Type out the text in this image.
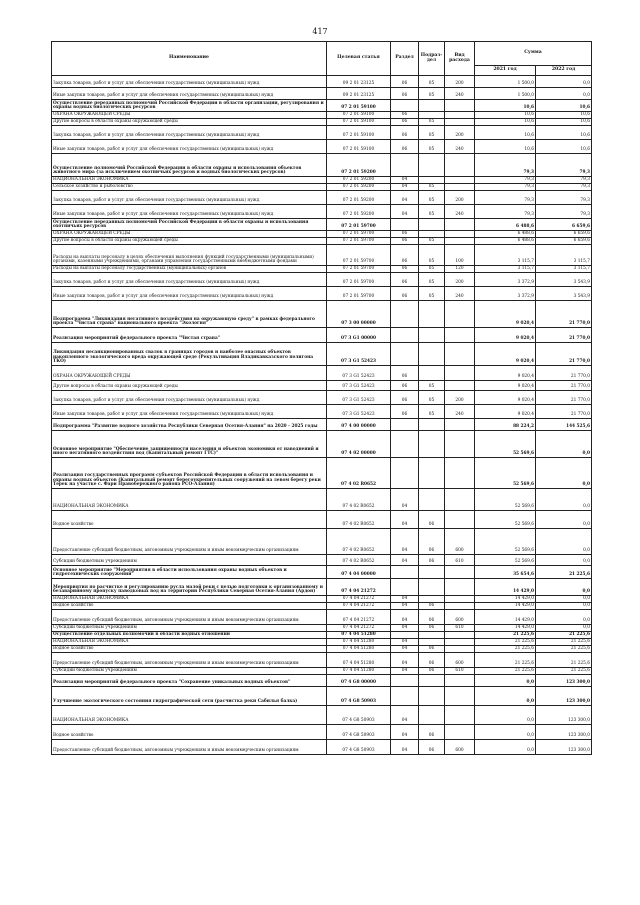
417
Наименование	Целевая статья	Раздел	Подраз-дел	Вид расхода	Сумма	
					2021 год	2022 год
Закупка товаров, работ и услуг для обеспечения государственных (муниципальных) нужд	09 2 01 23125	06	05	200	1 500,0	0,0
Иные закупки товаров, работ и услуг для обеспечения государственных (муниципальных) нужд	09 2 01 23125	06	05	240	1 500,0	0,0
Осуществление переданных полномочий Российской Федерации в области организации, регулирования и охраны водных биологических ресурсов	07 2 01 59100				10,6	10,6
ОХРАНА ОКРУЖАЮЩЕЙ СРЕДЫ	07 2 01 59100	06			10,6	10,6
Другие вопросы в области охраны окружающей среды	07 2 01 59100	06	05		10,6	10,6
Закупка товаров, работ и услуг для обеспечения государственных (муниципальных) нужд	07 2 01 59100	06	05	200	10,6	10,6
Иные закупки товаров, работ и услуг для обеспечения государственных (муниципальных) нужд	07 2 01 59100	06	05	240	10,6	10,6
Осуществление полномочий Российской Федерации в области охраны и использования объектов животного мира (за исключением охотничьих ресурсов и водных биологических ресурсов)	07 2 01 59200				79,3	79,3
НАЦИОНАЛЬНАЯ ЭКОНОМИКА	07 2 01 59200	04			79,3	79,3
Сельское хозяйство и рыболовство	07 2 01 59200	04	05		79,3	79,3
Закупка товаров, работ и услуг для обеспечения государственных (муниципальных) нужд	07 2 01 59200	04	05	200	79,3	79,3
Иные закупки товаров, работ и услуг для обеспечения государственных (муниципальных) нужд	07 2 01 59200	04	05	240	79,3	79,3
Осуществление переданных полномочий Российской Федерации в области охраны и использования охотничьих ресурсов	07 2 01 59700				6 488,6	6 659,6
ОХРАНА ОКРУЖАЮЩЕЙ СРЕДЫ	07 2 01 59700	06			6 488,6	6 659,6
Другие вопросы в области охраны окружающей среды	07 2 01 59700	06	05		6 488,6	6 659,6
Расходы на выплаты персоналу в целях обеспечения выполнения функций государственными (муниципальными) органами, казенными учреждениями, органами управления государственными внебюджетными фондами	07 2 01 59700	06	05	100	3 115,7	3 115,7
Расходы на выплаты персоналу государственных (муниципальных) органов	07 2 01 59700	06	05	120	3 115,7	3 115,7
Закупка товаров, работ и услуг для обеспечения государственных (муниципальных) нужд	07 2 01 59700	06	05	200	3 372,9	3 543,9
Иные закупки товаров, работ и услуг для обеспечения государственных (муниципальных) нужд	07 2 01 59700	06	05	240	3 372,9	3 543,9
Подпрограмма "Ликвидация негативного воздействия на окружающую среду" в рамках федерального проекта "Чистая страна" национального проекта "Экология"	07 3 00 00000				9 020,4	21 770,0
Реализация мероприятий федерального проекта "Чистая страна"	07 3 G1 00000				9 020,4	21 770,0
Ликвидация несанкционированных свалок в границах городов и наиболее опасных объектов накопленного экологического вреда окружающей среде (Рекультивация Владикавказского полигона ТКО)	07 3 G1 52423				9 020,4	21 770,0
ОХРАНА ОКРУЖАЮЩЕЙ СРЕДЫ	07 3 G1 52423	06			9 020,4	21 770,0
Другие вопросы в области охраны окружающей среды	07 3 G1 52423	06	05		9 020,4	21 770,0
Закупка товаров, работ и услуг для обеспечения государственных (муниципальных) нужд	07 3 G1 52423	06	05	200	9 020,4	21 770,0
Иные закупки товаров, работ и услуг для обеспечения государственных (муниципальных) нужд	07 3 G1 52423	06	05	240	9 020,4	21 770,0
Подпрограмма "Развитие водного хозяйства Республики Северная Осетия-Алания" на 2020 - 2025 годы	07 4 00 00000				88 224,2	144 525,6
Основное мероприятие "Обеспечение защищенности населения и объектов экономики от наводнений и иного негативного воздействия вод (Капитальный ремонт ГТС)"	07 4 02 00000				52 569,6	0,0
Реализация государственных программ субъектов Российской Федерации в области использования и охраны водных объектов (Капитальный ремонт берегоукрепительных сооружений на левом берегу реки Терек на участке с. Фари Правобережного района РСО-Алания)	07 4 02 R0652				52 569,6	0,0
НАЦИОНАЛЬНАЯ ЭКОНОМИКА	07 4 02 R0652	04			52 569,6	0,0
Водное хозяйство	07 4 02 R0652	04	06		52 569,6	0,0
Предоставление субсидий бюджетным, автономным учреждениям и иным некоммерческим организациям	07 4 02 R0652	04	06	600	52 569,6	0,0
Субсидии бюджетным учреждениям	07 4 02 R0652	04	06	610	52 569,6	0,0
Основное мероприятие "Мероприятия в области использования охраны водных объектов и гидротехнических сооружений"	07 4 04 00000				35 654,6	21 225,6
Мероприятия по расчистке и регулированию русла малой реки с целью подготовки к организованному и безаварийному пропуску паводковых вод на территории Республики Северная Осетия-Алания (Ардон)	07 4 04 21272				14 429,0	0,0
НАЦИОНАЛЬНАЯ ЭКОНОМИКА	07 4 04 21272	04			14 429,0	0,0
Водное хозяйство	07 4 04 21272	04	06		14 429,0	0,0
Предоставление субсидий бюджетным, автономным учреждениям и иным некоммерческим организациям	07 4 04 21272	04	06	600	14 429,0	0,0
Субсидии бюджетным учреждениям	07 4 04 21272	04	06	610	14 429,0	0,0
Осуществление отдельных полномочий в области водных отношений	07 4 04 51280				21 225,6	21 225,6
НАЦИОНАЛЬНАЯ ЭКОНОМИКА	07 4 04 51280	04			21 225,6	21 225,6
Водное хозяйство	07 4 04 51280	04	06		21 225,6	21 225,6
Предоставление субсидий бюджетным, автономным учреждениям и иным некоммерческим организациям	07 4 04 51280	04	06	600	21 225,6	21 225,6
Субсидии бюджетным учреждениям	07 4 04 51280	04	06	610	21 225,6	21 225,6
Реализация мероприятий федерального проекта "Сохранение уникальных водных объектов"	07 4 G8 00000				0,0	123 300,0
Улучшение экологического состояния гидрографической сети (расчистка реки Сабилья балка)	07 4 G8 50903				0,0	123 300,0
НАЦИОНАЛЬНАЯ ЭКОНОМИКА	07 4 G8 50903	04			0,0	123 300,0
Водное хозяйство	07 4 G8 50903	04	06		0,0	123 300,0
Предоставление субсидий бюджетным, автономным учреждениям и иным некоммерческим организациям	07 4 G8 50903	04	06	600	0,0	123 300,0
